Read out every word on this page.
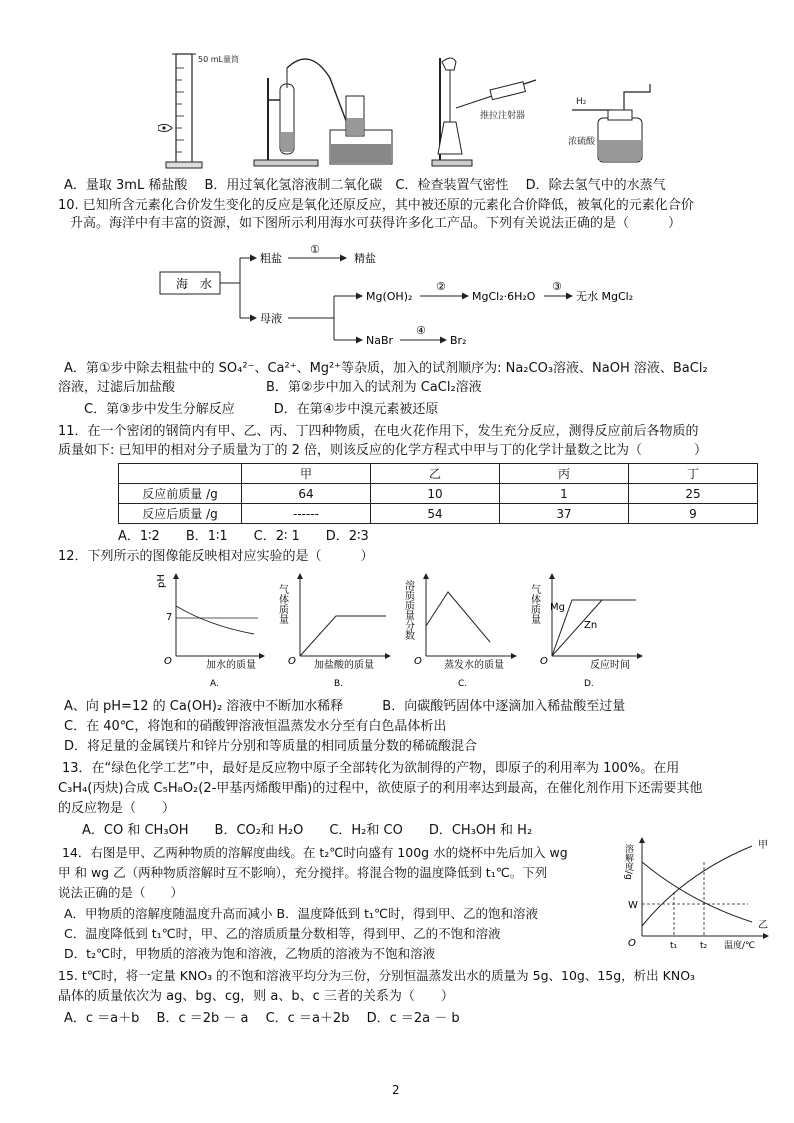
50 mL量筒
推拉注射器
H₂
浓硫酸
A．量取 3mL 稀盐酸　 B．用过氧化氢溶液制二氧化碳　C．检查装置气密性　 D．除去氢气中的水蒸气
10. 已知所含元素化合价发生变化的反应是氧化还原反应，其中被还原的元素化合价降低，被氧化的元素化合价
升高。海洋中有丰富的资源，如下图所示利用海水可获得许多化工产品。下列有关说法正确的是（　　　）
海　水
粗盐
①
精盐
母液
Mg(OH)₂
②
MgCl₂·6H₂O
③
无水 MgCl₂
NaBr
④
Br₂
A．第①步中除去粗盐中的 SO₄²⁻、Ca²⁺、Mg²⁺等杂质，加入的试剂顺序为: Na₂CO₃溶液、NaOH 溶液、BaCl₂
溶液，过滤后加盐酸　　　　　　　B．第②步中加入的试剂为 CaCl₂溶液
C．第③步中发生分解反应　　　D．在第④步中溴元素被还原
11．在一个密闭的钢筒内有甲、乙、丙、丁四种物质，在电火花作用下，发生充分反应，测得反应前后各物质的
质量如下: 已知甲的相对分子质量为丁的 2 倍，则该反应的化学方程式中甲与丁的化学计量数之比为（　　　　）
	甲	乙	丙	丁
反应前质量 /g	64	10	1	25
反应后质量 /g	------	54	37	9
A．1∶2　　B．1∶1　　C．2∶ 1　　D．2∶3
12．下列所示的图像能反映相对应实验的是（　　　）
pH
7
O	加水的质量
A.
气体质量
O 加盐酸的质量
B.
溶质质量分数
O 蒸发水的质量
C.
气体质量 Mg
Zn
O	反应时间
D.
A、向 pH=12 的 Ca(OH)₂ 溶液中不断加水稀释　　　B．向碳酸钙固体中逐滴加入稀盐酸至过量
C．在 40℃，将饱和的硝酸钾溶液恒温蒸发水分至有白色晶体析出
D．将足量的金属镁片和锌片分别和等质量的相同质量分数的稀硫酸混合
13．在“绿色化学工艺”中，最好是反应物中原子全部转化为欲制得的产物，即原子的利用率为 100%。在用
C₃H₄(丙炔)合成 C₅H₈O₂(2-甲基丙烯酸甲酯)的过程中，欲使原子的利用率达到最高，在催化剂作用下还需要其他
的反应物是（　　）
A．CO 和 CH₃OH　　B．CO₂和 H₂O　　C．H₂和 CO　　D．CH₃OH 和 H₂
14．右图是甲、乙两种物质的溶解度曲线。在 t₂℃时向盛有 100g 水的烧杯中先后加入 wg
甲 和 wg 乙（两种物质溶解时互不影响），充分搅拌。将混合物的温度降低到 t₁℃。下列
说法正确的是（　　）
A．甲物质的溶解度随温度升高而减小 B．温度降低到 t₁℃时，得到甲、乙的饱和溶液
C．温度降低到 t₁℃时，甲、乙的溶质质量分数相等，得到甲、乙的不饱和溶液
D．t₂℃时，甲物质的溶液为饱和溶液，乙物质的溶液为不饱和溶液
溶解度/g	甲
乙
W
O	t₁	t₂ 温度/℃
15. t℃时，将一定量 KNO₃ 的不饱和溶液平均分为三份，分别恒温蒸发出水的质量为 5g、10g、15g，析出 KNO₃
晶体的质量依次为 ag、bg、cg，则 a、b、c 三者的关系为（　　）
A．c ＝a＋b　 B．c ＝2b － a　 C．c ＝a＋2b　 D．c ＝2a － b
2
